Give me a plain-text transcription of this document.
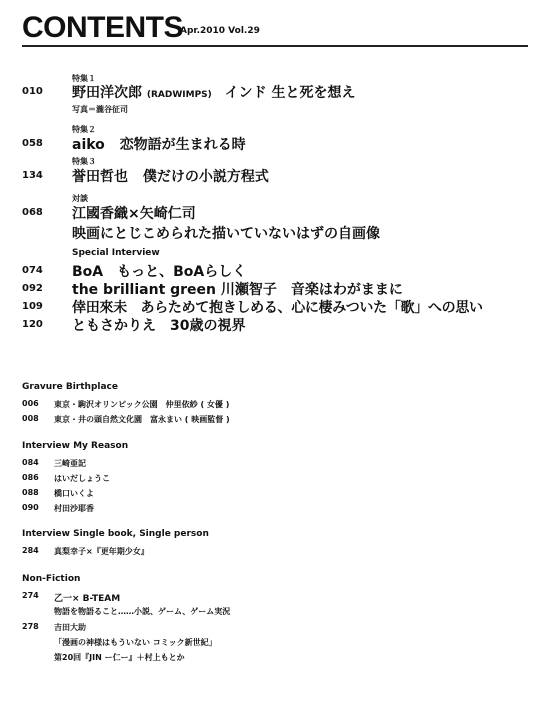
CONTENTS
Apr.2010 Vol.29
特集１
010 野田洋次郎 (RADWIMPS) インド 生と死を想え
写真＝瀧谷征司
特集２
058 aiko 恋物語が生まれる時
特集３
134 誉田哲也 僕だけの小説方程式
対談
068 江國香織×矢崎仁司
映画にとじこめられた描いていないはずの自画像
Special Interview
074 BoA　もっと、BoAらしく
092 the brilliant green 川瀬智子　音楽はわがままに
109 倖田來未　あらためて抱きしめる、心に棲みついた「歌」への思い
120 ともさかりえ　30歳の視界
Gravure Birthplace
006 東京・駒沢オリンピック公園　仲里依紗 ( 女優 )
008 東京・井の頭自然文化園　富永まい ( 映画監督 )
Interview My Reason
084 三崎亜記
086 はいだしょうこ
088 橋口いくよ
090 村田沙耶香
Interview Single book, Single person
284 真梨幸子×『更年期少女』
Non-Fiction
274 乙一× B-TEAM
物語を物語ること……小説、ゲーム、ゲーム実況
278 吉田大助
「漫画の神様はもういない コミック新世紀」
第20回『JIN ー仁ー』＋村上もとか
